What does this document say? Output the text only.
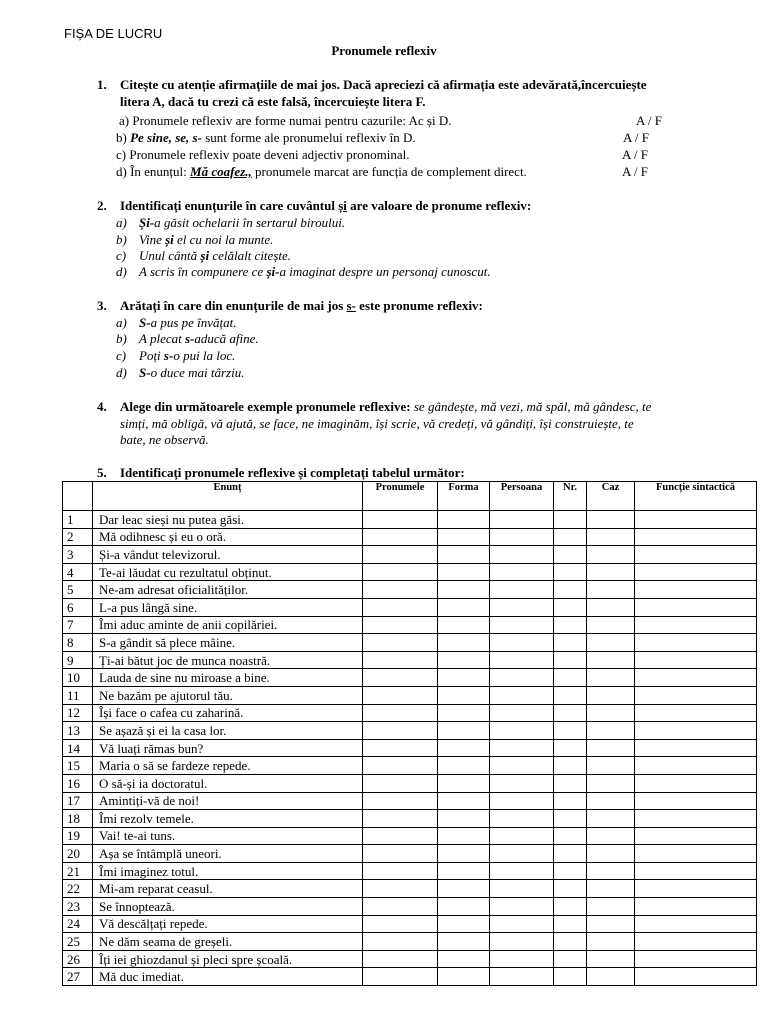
FIȘA DE LUCRU
Pronumele reflexiv
1. Citește cu atenție afirmațiile de mai jos. Dacă apreciezi că afirmația este adevărată,încercuiește
litera A, dacă tu crezi că este falsă, încercuiește litera F.
a) Pronumele reflexiv are forme numai pentru cazurile: Ac și D.	A / F
b) Pe sine, se, s- sunt forme ale pronumelui reflexiv în D.	A / F
c) Pronumele reflexiv poate deveni adjectiv pronominal.	A / F
d) În enunțul: Mă coafez., pronumele marcat are funcția de complement direct.	A / F
2. Identificați enunțurile în care cuvântul și are valoare de pronume reflexiv:
a) Și-a găsit ochelarii în sertarul biroului.
b) Vine și el cu noi la munte.
c) Unul cântă și celălalt citește.
d) A scris în compunere ce și-a imaginat despre un personaj cunoscut.
3. Arătați în care din enunțurile de mai jos s- este pronume reflexiv:
a) S-a pus pe învățat.
b) A plecat s-aducă afine.
c) Poți s-o pui la loc.
d) S-o duce mai târziu.
4. Alege din următoarele exemple pronumele reflexive: se gândește, mă vezi, mă spăl, mă gândesc, te
simți, mă obligă, vă ajută, se face, ne imaginăm, își scrie, vă credeți, vă gândiți, își construiește, te
bate, ne observă.
5. Identificați pronumele reflexive și completați tabelul următor:
	Enunț	Pronumele	Forma	Persoana	Nr.	Caz	Funcție sintactică
1	Dar leac sieși nu putea găsi.						
2	Mă odihnesc și eu o oră.						
3	Și-a vândut televizorul.						
4	Te-ai lăudat cu rezultatul obținut.						
5	Ne-am adresat oficialităților.						
6	L-a pus lângă sine.						
7	Îmi aduc aminte de anii copilăriei.						
8	S-a gândit să plece mâine.						
9	Ți-ai bătut joc de munca noastră.						
10	Lauda de sine nu miroase a bine.						
11	Ne bazăm pe ajutorul tău.						
12	Își face o cafea cu zaharină.						
13	Se așază și ei la casa lor.						
14	Vă luați rămas bun?						
15	Maria o să se fardeze repede.						
16	O să-și ia doctoratul.						
17	Amintiți-vă de noi!						
18	Îmi rezolv temele.						
19	Vai! te-ai tuns.						
20	Așa se întâmplă uneori.						
21	Îmi imaginez totul.						
22	Mi-am reparat ceasul.						
23	Se înnoptează.						
24	Vă descălțați repede.						
25	Ne dăm seama de greșeli.						
26	Îți iei ghiozdanul și pleci spre școală.						
27	Mă duc imediat.						
